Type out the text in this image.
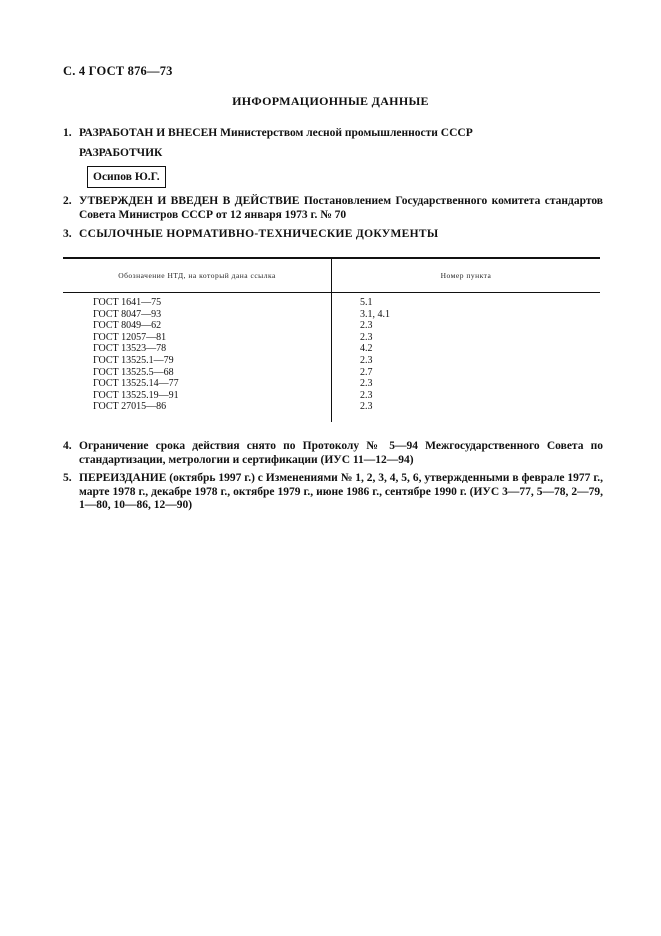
С. 4 ГОСТ 876—73
ИНФОРМАЦИОННЫЕ ДАННЫЕ
1. РАЗРАБОТАН И ВНЕСЕН Министерством лесной промышленности СССР
РАЗРАБОТЧИК
Осипов Ю.Г.
2. УТВЕРЖДЕН И ВВЕДЕН В ДЕЙСТВИЕ Постановлением Государственного комитета стандартов Совета Министров СССР от 12 января 1973 г. № 70
3. ССЫЛОЧНЫЕ НОРМАТИВНО-ТЕХНИЧЕСКИЕ ДОКУМЕНТЫ
Обозначение НТД, на который дана ссылка	Номер пункта
ГОСТ 1641—75
ГОСТ 8047—93
ГОСТ 8049—62
ГОСТ 12057—81
ГОСТ 13523—78
ГОСТ 13525.1—79
ГОСТ 13525.5—68
ГОСТ 13525.14—77
ГОСТ 13525.19—91
ГОСТ 27015—86
5.1
3.1, 4.1
2.3
2.3
4.2
2.3
2.7
2.3
2.3
2.3
4. Ограничение срока действия снято по Протоколу № 5—94 Межгосударственного Совета по стандартизации, метрологии и сертификации (ИУС 11—12—94)
5. ПЕРЕИЗДАНИЕ (октябрь 1997 г.) с Изменениями № 1, 2, 3, 4, 5, 6, утвержденными в феврале 1977 г., марте 1978 г., декабре 1978 г., октябре 1979 г., июне 1986 г., сентябре 1990 г. (ИУС 3—77, 5—78, 2—79, 1—80, 10—86, 12—90)
